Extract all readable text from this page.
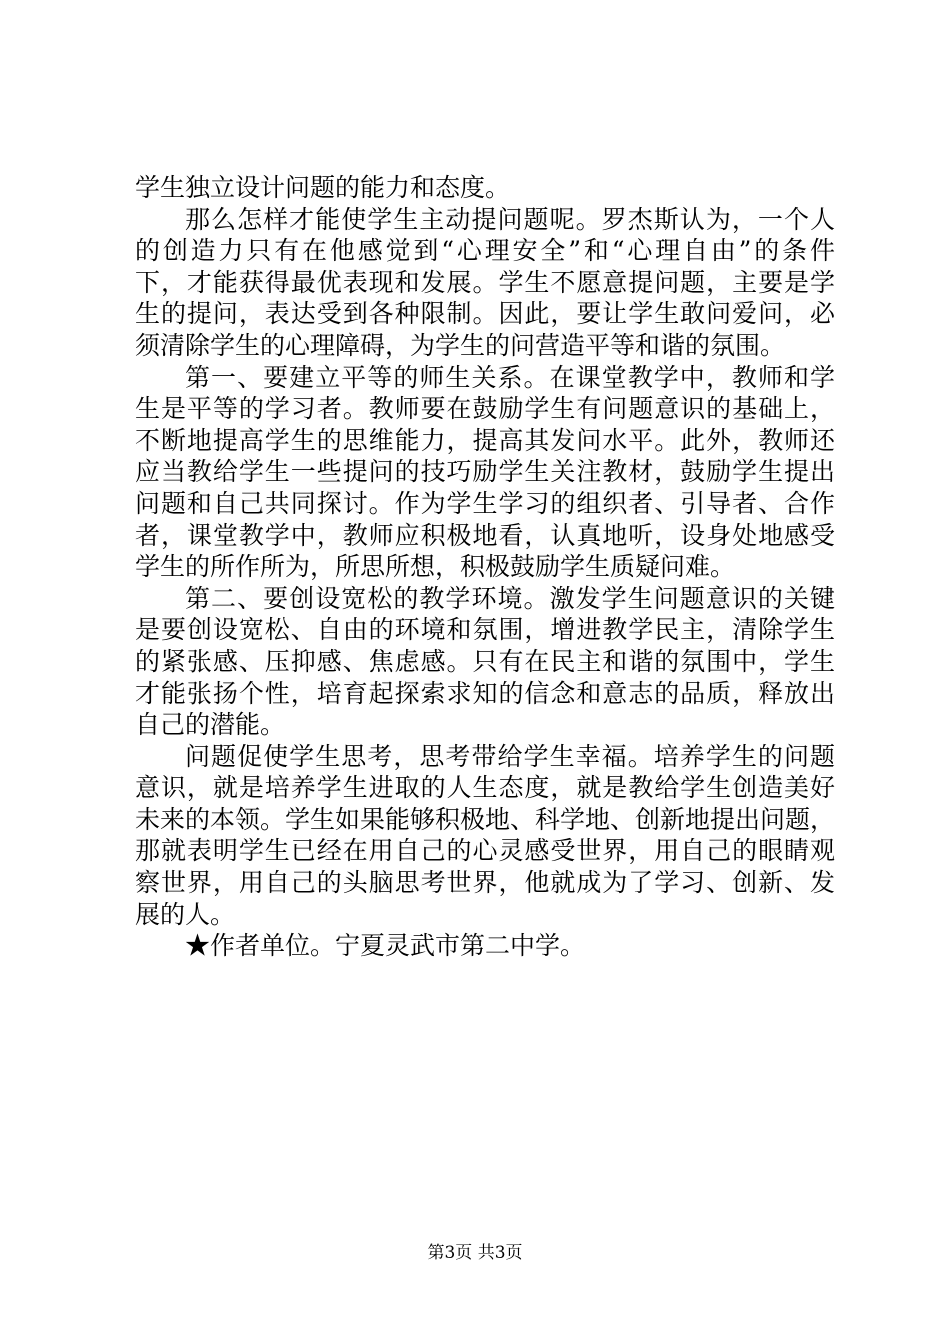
学生独立设计问题的能力和态度。
那么怎样才能使学生主动提问题呢。罗杰斯认为，一个人
的创造力只有在他感觉到“心理安全”和“心理自由”的条件
下，才能获得最优表现和发展。学生不愿意提问题，主要是学
生的提问，表达受到各种限制。因此，要让学生敢问爱问，必
须清除学生的心理障碍，为学生的问营造平等和谐的氛围。
第一、要建立平等的师生关系。在课堂教学中，教师和学
生是平等的学习者。教师要在鼓励学生有问题意识的基础上，
不断地提高学生的思维能力，提高其发问水平。此外，教师还
应当教给学生一些提问的技巧励学生关注教材，鼓励学生提出
问题和自己共同探讨。作为学生学习的组织者、引导者、合作
者，课堂教学中，教师应积极地看，认真地听，设身处地感受
学生的所作所为，所思所想，积极鼓励学生质疑问难。
第二、要创设宽松的教学环境。激发学生问题意识的关键
是要创设宽松、自由的环境和氛围，增进教学民主，清除学生
的紧张感、压抑感、焦虑感。只有在民主和谐的氛围中，学生
才能张扬个性，培育起探索求知的信念和意志的品质，释放出
自己的潜能。
问题促使学生思考，思考带给学生幸福。培养学生的问题
意识，就是培养学生进取的人生态度，就是教给学生创造美好
未来的本领。学生如果能够积极地、科学地、创新地提出问题，
那就表明学生已经在用自己的心灵感受世界，用自己的眼睛观
察世界，用自己的头脑思考世界，他就成为了学习、创新、发
展的人。
★作者单位。宁夏灵武市第二中学。
第3页 共3页
